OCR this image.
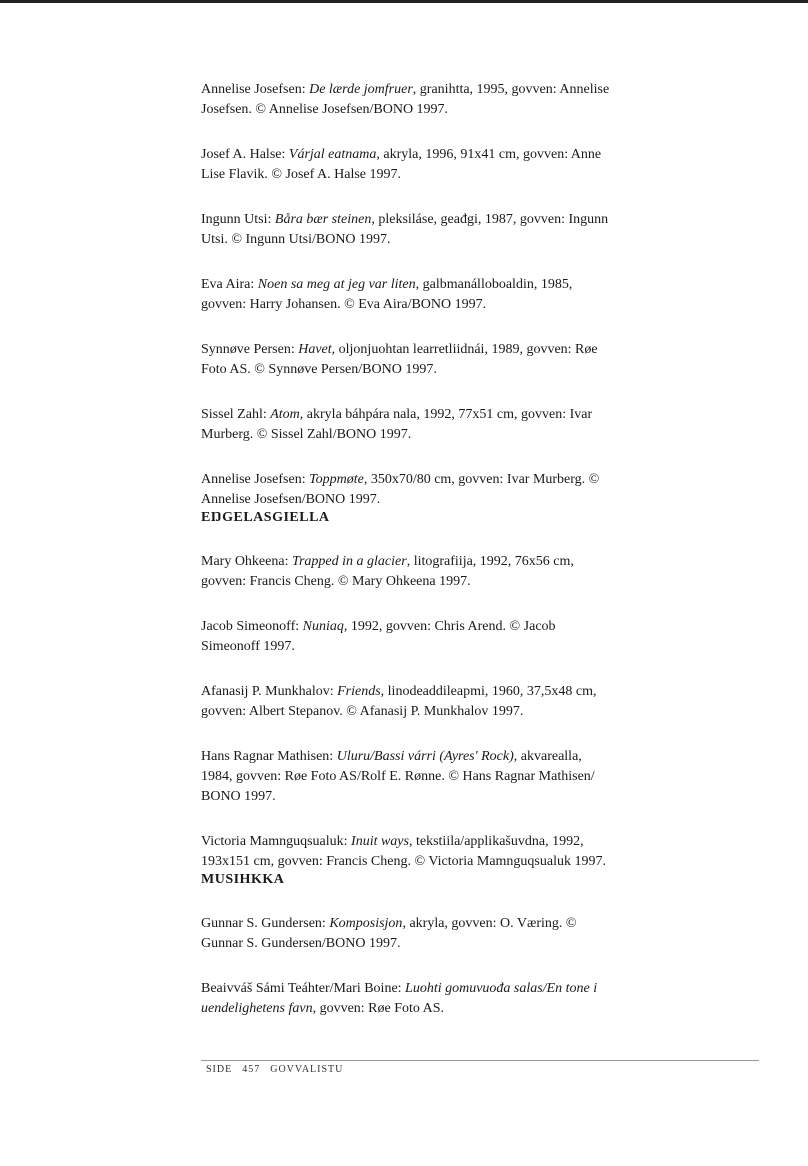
Annelise Josefsen: De lærde jomfruer, granihtta, 1995, govven: Annelise Josefsen. © Annelise Josefsen/BONO 1997.

Josef A. Halse: Várjal eatnama, akryla, 1996, 91x41 cm, govven: Anne Lise Flavik. © Josef A. Halse 1997.

Ingunn Utsi: Båra bær steinen, pleksiláse, geađgi, 1987, govven: Ingunn Utsi. © Ingunn Utsi/BONO 1997.

Eva Aira: Noen sa meg at jeg var liten, galbmanálloboaldin, 1985, govven: Harry Johansen. © Eva Aira/BONO 1997.

Synnøve Persen: Havet, oljonjuohtan learretliidnái, 1989, govven: Røe Foto AS. © Synnøve Persen/BONO 1997.

Sissel Zahl: Atom, akryla báhpára nala, 1992, 77x51 cm, govven: Ivar Murberg. © Sissel Zahl/BONO 1997.

Annelise Josefsen: Toppmøte, 350x70/80 cm, govven: Ivar Murberg. © Annelise Josefsen/BONO 1997.

EŊGELASGIELLA

Mary Ohkeena: Trapped in a glacier, litografiija, 1992, 76x56 cm, govven: Francis Cheng. © Mary Ohkeena 1997.

Jacob Simeonoff: Nuniaq, 1992, govven: Chris Arend. © Jacob Simeonoff 1997.

Afanasij P. Munkhalov: Friends, linodeaddileapmi, 1960, 37,5x48 cm, govven: Albert Stepanov. © Afanasij P. Munkhalov 1997.

Hans Ragnar Mathisen: Uluru/Bassi várri (Ayres' Rock), akvarealla, 1984, govven: Røe Foto AS/Rolf E. Rønne. © Hans Ragnar Mathisen/ BONO 1997.

Victoria Mamnguqsualuk: Inuit ways, tekstiila/applikašuvdna, 1992, 193x151 cm, govven: Francis Cheng. © Victoria Mamnguqsualuk 1997.

MUSIHKKA

Gunnar S. Gundersen: Komposisjon, akryla, govven: O. Væring. © Gunnar S. Gundersen/BONO 1997.

Beaivváš Sámi Teáhter/Mari Boine: Luohti gomuvuođa salas/En tone i uendelighetens favn, govven: Røe Foto AS.

SIDE 457 GOVVALISTU
